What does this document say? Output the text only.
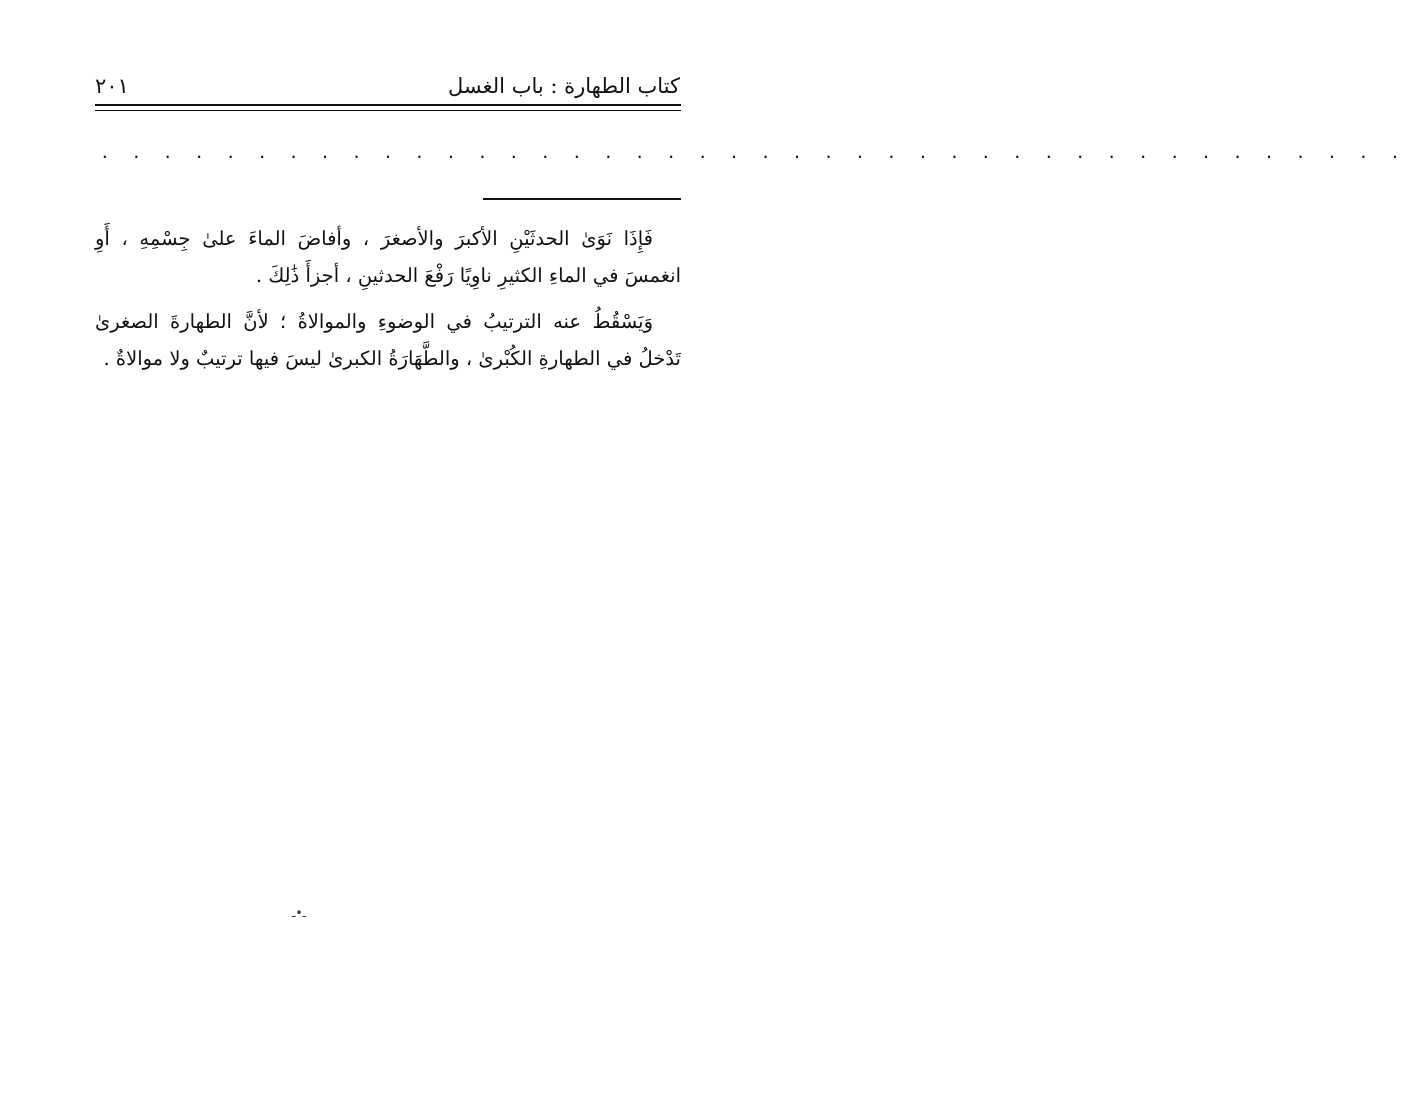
كتاب الطهارة : باب الغسل
٢٠١
. . . . . . . . . . . . . . . . . . . . . . . . . . . . . . . . . . . . . . . . . .

فَإِذَا نَوَىٰ الحدثَيْنِ الأكبرَ والأصغرَ ، وأفاضَ الماءَ علىٰ جِسْمِهِ ، أَوِ انغمسَ في الماءِ الكثيرِ ناوِيًا رَفْعَ الحدثينِ ، أجزأَ ذَٰلِكَ .

وَيَسْقُطُ عنه الترتيبُ في الوضوءِ والموالاةُ ؛ لأنَّ الطهارةَ الصغرىٰ تَدْخلُ في الطهارةِ الكُبْرىٰ ، والطَّهَارَةُ الكبرىٰ ليسَ فيها ترتيبٌ ولا موالاةٌ .

ـ•ـ
